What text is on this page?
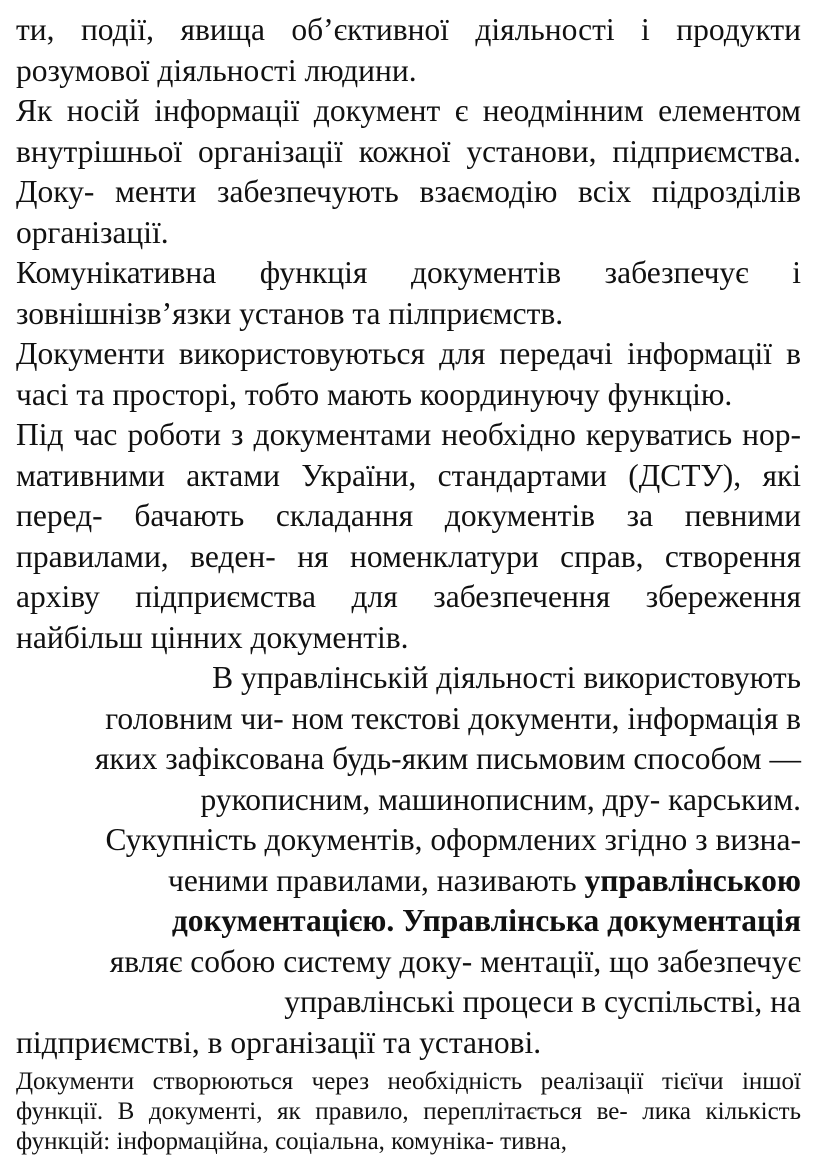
ти, події, явища об’єктивної діяльності і продукти розумової діяльності людини.

Як носій інформації документ є неодмінним елементом внутрішньої організації кожної установи, підприємства. Доку- менти забезпечують взаємодію всіх підрозділів організації.

Комунікативна функція документів забезпечує і зовнішнізв’язки установ та пілприємств.

Документи використовуються для передачі інформації в часі та просторі, тобто мають координуючу функцію.

Під час роботи з документами необхідно керуватись нор- мативними актами України, стандартами (ДСТУ), які перед- бачають складання документів за певними правилами, веден- ня номенклатури справ, створення архіву підприємства для забезпечення збереження найбільш цінних документів.

В управлінській діяльності використовують
головним чи- ном текстові документи, інформація в
яких зафіксована будь-яким письмовим способом —
рукописним, машинописним, дру- карським.
Сукупність документів, оформлених згідно з визна-
ченими правилами, називають управлінською
документацією. Управлінська документація
являє собою систему доку- ментації, що забезпечує
управлінські процеси в суспільстві, на
підприємстві, в організації та установі.

Документи створюються через необхідність реалізації тієїчи іншої функції. В документі, як правило, переплітається ве- лика кількість функцій: інформаційна, соціальна, комуніка- тивна,
